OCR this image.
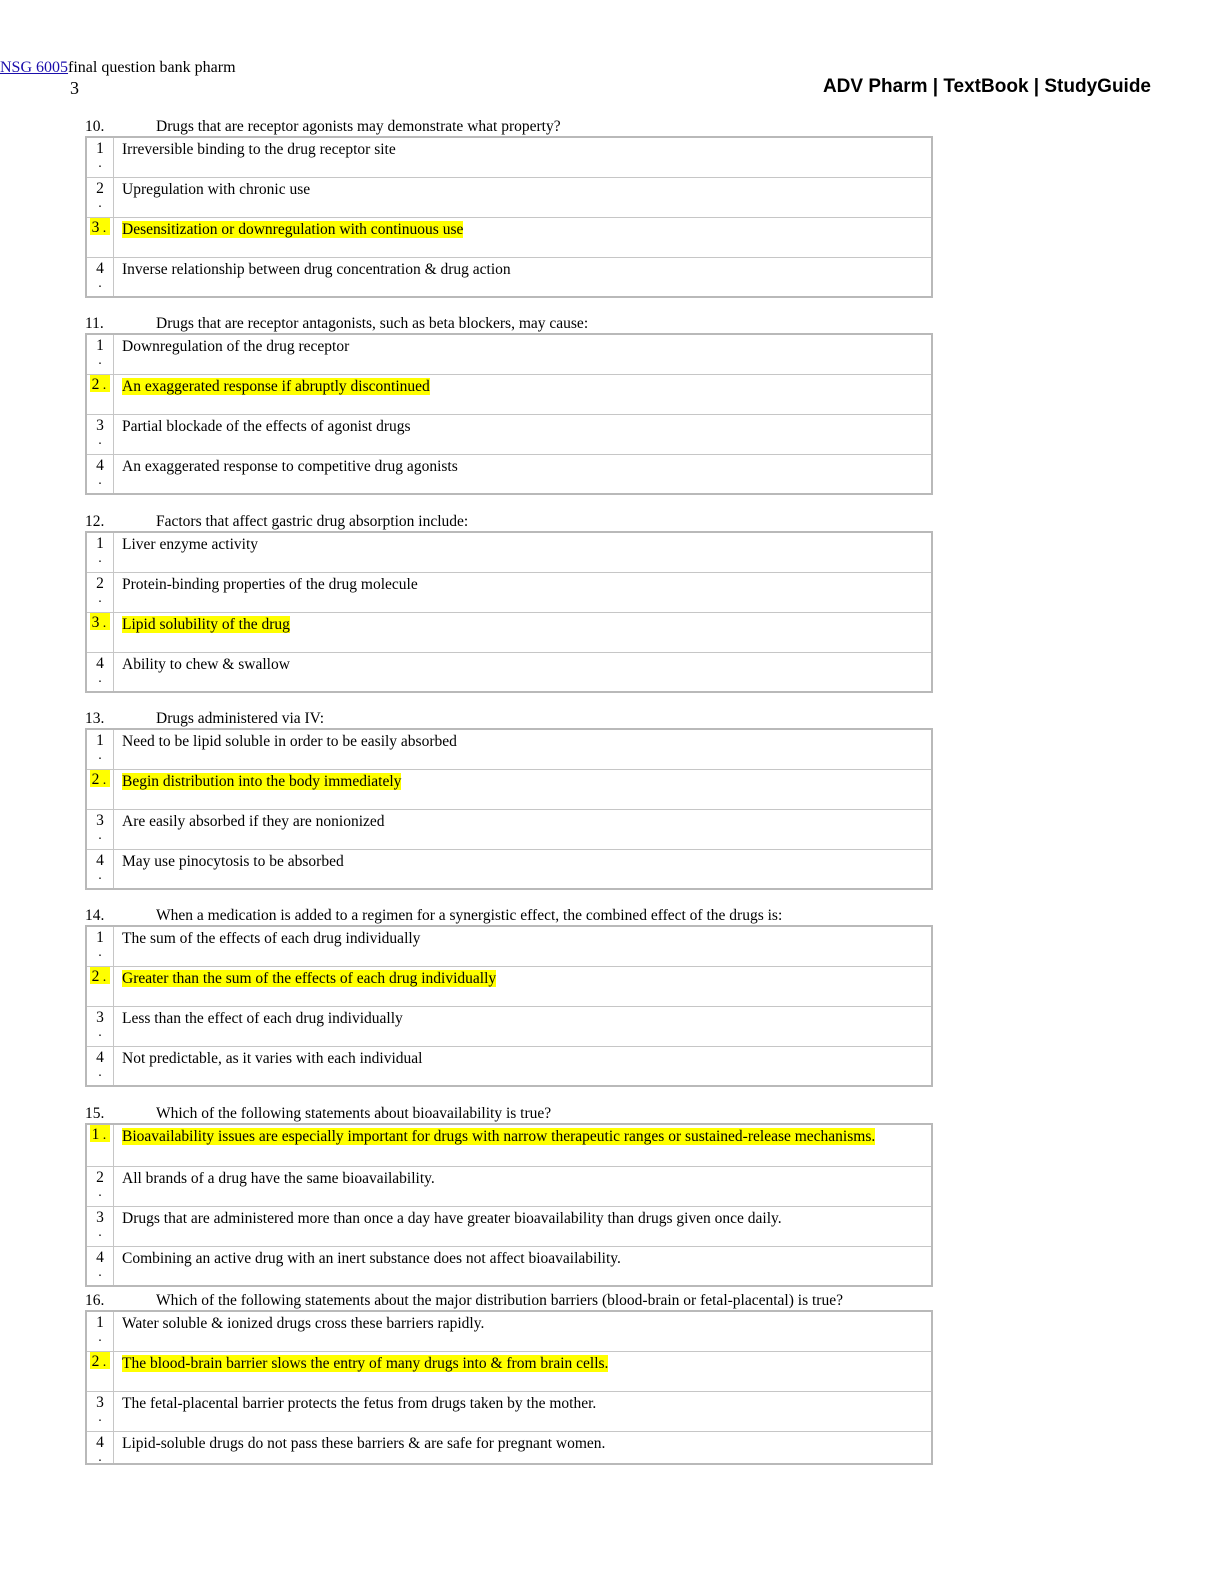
NSG 6005final question bank pharm
3	ADV Pharm | TextBook | StudyGuide
10.	Drugs that are receptor agonists may demonstrate what property?
1
.	Irreversible binding to the drug receptor site

2
.	Upregulation with chronic use
3 .	Desensitization or downregulation with continuous use

4
.	Inverse relationship between drug concentration & drug action
11.	Drugs that are receptor antagonists, such as beta blockers, may cause:
1
.	Downregulation of the drug receptor
2 .	An exaggerated response if abruptly discontinued

3
.	Partial blockade of the effects of agonist drugs

4
.	An exaggerated response to competitive drug agonists
12.	Factors that affect gastric drug absorption include:
1
.	Liver enzyme activity

2
.	Protein-binding properties of the drug molecule
3 .	Lipid solubility of the drug

4
.	Ability to chew & swallow
13.	Drugs administered via IV:
1
.	Need to be lipid soluble in order to be easily absorbed
2 .	Begin distribution into the body immediately

3
.	Are easily absorbed if they are nonionized

4
.	May use pinocytosis to be absorbed
14.	When a medication is added to a regimen for a synergistic effect, the combined effect of the drugs is:
1
.	The sum of the effects of each drug individually
2 .	Greater than the sum of the effects of each drug individually

3
.	Less than the effect of each drug individually

4
.	Not predictable, as it varies with each individual
15.	Which of the following statements about bioavailability is true?
1 .	Bioavailability issues are especially important for drugs with narrow therapeutic ranges or sustained-release mechanisms.

2
.	All brands of a drug have the same bioavailability.

3
.	Drugs that are administered more than once a day have greater bioavailability than drugs given once daily.

4
.	Combining an active drug with an inert substance does not affect bioavailability.
16.	Which of the following statements about the major distribution barriers (blood-brain or fetal-placental) is true?
1
.	Water soluble & ionized drugs cross these barriers rapidly.
2 .	The blood-brain barrier slows the entry of many drugs into & from brain cells.

3
.	The fetal-placental barrier protects the fetus from drugs taken by the mother.

4
.	Lipid-soluble drugs do not pass these barriers & are safe for pregnant women.
